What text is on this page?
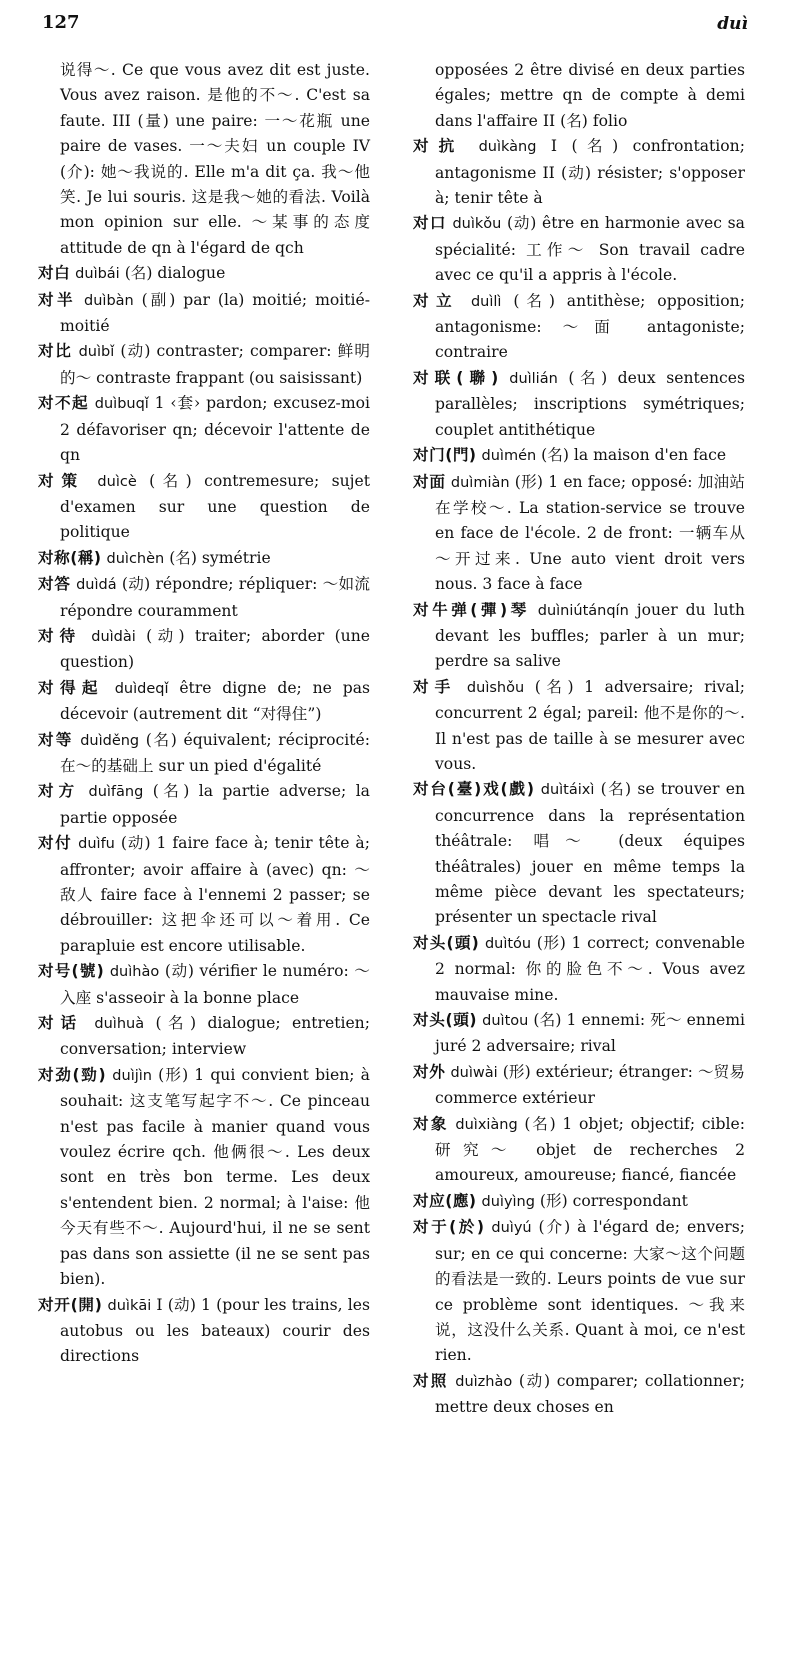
127	duì

说得～. Ce que vous avez dit est juste. Vous avez raison. 是他的不～. C'est sa faute. III (量) une paire: 一～花瓶 une paire de vases. 一～夫妇 un couple IV (介): 她～我说的. Elle m'a dit ça. 我～他笑. Je lui souris. 这是我～她的看法. Voilà mon opinion sur elle. ～某事的态度 attitude de qn à l'égard de qch

对白 duìbái (名) dialogue

对半 duìbàn (副) par (la) moitié; moitié-moitié

对比 duìbǐ (动) contraster; comparer: 鲜明的～ contraste frappant (ou saisissant)

对不起 duìbuqǐ 1 ‹套› pardon; excusez-moi 2 défavoriser qn; décevoir l'attente de qn

对策 duìcè (名) contremesure; sujet d'examen sur une question de politique

对称(稱) duìchèn (名) symétrie

对答 duìdá (动) répondre; répliquer: ～如流 répondre couramment

对待 duìdài (动) traiter; aborder (une question)

对得起 duìdeqǐ être digne de; ne pas décevoir (autrement dit “对得住”)

对等 duìděng (名) équivalent; réciprocité: 在～的基础上 sur un pied d'égalité

对方 duìfāng (名) la partie adverse; la partie opposée

对付 duìfu (动) 1 faire face à; tenir tête à; affronter; avoir affaire à (avec) qn: ～敌人 faire face à l'ennemi 2 passer; se débrouiller: 这把伞还可以～着用. Ce parapluie est encore utilisable.

对号(號) duìhào (动) vérifier le numéro: ～入座 s'asseoir à la bonne place

对话 duìhuà (名) dialogue; entretien; conversation; interview

对劲(勁) duìjìn (形) 1 qui convient bien; à souhait: 这支笔写起字不～. Ce pinceau n'est pas facile à manier quand vous voulez écrire qch. 他俩很～. Les deux sont en très bon terme. Les deux s'entendent bien. 2 normal; à l'aise: 他今天有些不～. Aujourd'hui, il ne se sent pas dans son assiette (il ne se sent pas bien).

对开(開) duìkāi I (动) 1 (pour les trains, les autobus ou les bateaux) courir des directions

opposées 2 être divisé en deux parties égales; mettre qn de compte à demi dans l'affaire II (名) folio

对抗 duìkàng I (名) confrontation; antagonisme II (动) résister; s'opposer à; tenir tête à

对口 duìkǒu (动) être en harmonie avec sa spécialité: 工作～ Son travail cadre avec ce qu'il a appris à l'école.

对立 duìlì (名) antithèse; opposition; antagonisme: ～面 antagoniste; contraire

对联(聯) duìlián (名) deux sentences parallèles; inscriptions symétriques; couplet antithétique

对门(門) duìmén (名) la maison d'en face

对面 duìmiàn (形) 1 en face; opposé: 加油站在学校～. La station-service se trouve en face de l'école. 2 de front: 一辆车从～开过来. Une auto vient droit vers nous. 3 face à face

对牛弹(彈)琴 duìniútánqín jouer du luth devant les buffles; parler à un mur; perdre sa salive

对手 duìshǒu (名) 1 adversaire; rival; concurrent 2 égal; pareil: 他不是你的～. Il n'est pas de taille à se mesurer avec vous.

对台(臺)戏(戲) duìtáixì (名) se trouver en concurrence dans la représentation théâtrale: 唱～ (deux équipes théâtrales) jouer en même temps la même pièce devant les spectateurs; présenter un spectacle rival

对头(頭) duìtóu (形) 1 correct; convenable 2 normal: 你的脸色不～. Vous avez mauvaise mine.

对头(頭) duìtou (名) 1 ennemi: 死～ ennemi juré 2 adversaire; rival

对外 duìwài (形) extérieur; étranger: ～贸易 commerce extérieur

对象 duìxiàng (名) 1 objet; objectif; cible: 研究～ objet de recherches 2 amoureux, amoureuse; fiancé, fiancée

对应(應) duìyìng (形) correspondant

对于(於) duìyú (介) à l'égard de; envers; sur; en ce qui concerne: 大家～这个问题的看法是一致的. Leurs points de vue sur ce problème sont identiques. ～我来说，这没什么关系. Quant à moi, ce n'est rien.

对照 duìzhào (动) comparer; collationner; mettre deux choses en
